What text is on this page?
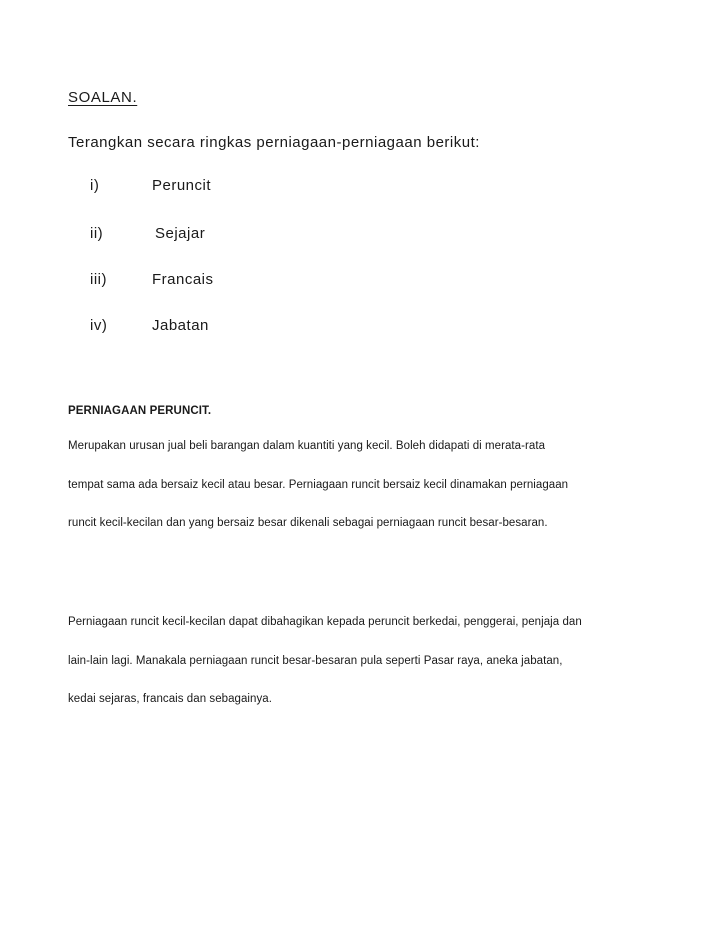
SOALAN.
Terangkan secara ringkas perniagaan-perniagaan berikut:
i)	Peruncit
ii)	Sejajar
iii)	Francais
iv)	Jabatan
PERNIAGAAN PERUNCIT.
Merupakan urusan jual beli barangan dalam kuantiti yang kecil. Boleh didapati di merata-rata
tempat sama ada bersaiz kecil atau besar. Perniagaan runcit bersaiz kecil dinamakan perniagaan
runcit kecil-kecilan dan yang bersaiz besar dikenali sebagai perniagaan runcit besar-besaran.
Perniagaan runcit kecil-kecilan dapat dibahagikan kepada peruncit berkedai, penggerai, penjaja dan
lain-lain lagi. Manakala perniagaan runcit besar-besaran pula seperti Pasar raya, aneka jabatan,
kedai sejaras, francais dan sebagainya.
